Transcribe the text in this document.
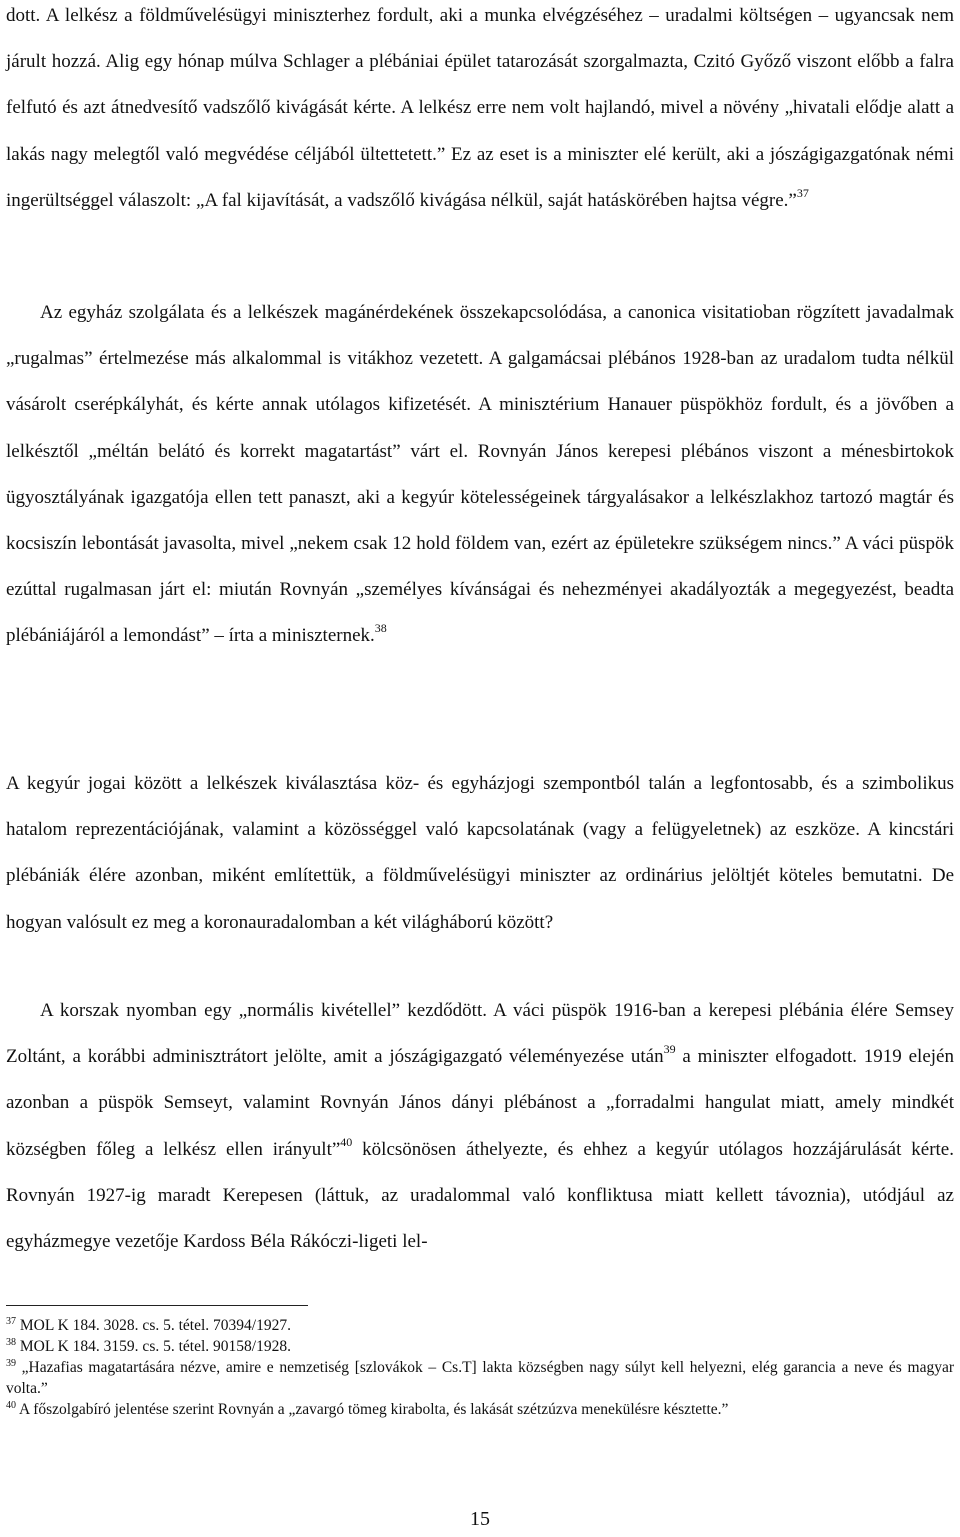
dott. A lelkész a földművelésügyi miniszterhez fordult, aki a munka elvégzéséhez – uradalmi költségen – ugyancsak nem járult hozzá. Alig egy hónap múlva Schlager a plébániai épület tatarozását szorgalmazta, Czitó Győző viszont előbb a falra felfutó és azt átnedvesítő vadszőlő kivágását kérte. A lelkész erre nem volt hajlandó, mivel a növény „hivatali elődje alatt a lakás nagy melegtől való megvédése céljából ültettetett.” Ez az eset is a miniszter elé került, aki a jószágigazgatónak némi ingerültséggel válaszolt: „A fal kijavítását, a vadszőlő kivágása nélkül, saját hatáskörében hajtsa végre.”$^{37}$

Az egyház szolgálata és a lelkészek magánérdekének összekapcsolódása, a canonica visitatioban rögzített javadalmak „rugalmas” értelmezése más alkalommal is vitákhoz vezetett. A galgamácsai plébános 1928-ban az uradalom tudta nélkül vásárolt cserépkályhát, és kérte annak utólagos kifizetését. A minisztérium Hanauer püspökhöz fordult, és a jövőben a lelkésztől „méltán belátó és korrekt magatartást” várt el. Rovnyán János kerepesi plébános viszont a ménesbirtokok ügyosztályának igazgatója ellen tett panaszt, aki a kegyúr kötelességeinek tárgyalásakor a lelkészlakhoz tartozó magtár és kocsiszín lebontását javasolta, mivel „nekem csak 12 hold földem van, ezért az épületekre szükségem nincs.” A váci püspök ezúttal rugalmasan járt el: miután Rovnyán „személyes kívánságai és nehezményei akadályozták a megegyezést, beadta plébániájáról a lemondást” – írta a miniszternek.$^{38}$

A kegyúr jogai között a lelkészek kiválasztása köz- és egyházjogi szempontból talán a legfontosabb, és a szimbolikus hatalom reprezentációjának, valamint a közösséggel való kapcsolatának (vagy a felügyeletnek) az eszköze. A kincstári plébániák élére azonban, miként említettük, a földművelésügyi miniszter az ordinárius jelöltjét köteles bemutatni. De hogyan valósult ez meg a koronauradalomban a két világháború között?

A korszak nyomban egy „normális kivétellel” kezdődött. A váci püspök 1916-ban a kerepesi plébánia élére Semsey Zoltánt, a korábbi adminisztrátort jelölte, amit a jószágigazgató véleményezése után$^{39}$ a miniszter elfogadott. 1919 elején azonban a püspök Semseyt, valamint Rovnyán János dányi plébánost a „forradalmi hangulat miatt, amely mindkét községben főleg a lelkész ellen irányult”$^{40}$ kölcsönösen áthelyezte, és ehhez a kegyúr utólagos hozzájárulását kérte. Rovnyán 1927-ig maradt Kerepesen (láttuk, az uradalommal való konfliktusa miatt kellett távoznia), utódjául az egyházmegye vezetője Kardoss Béla Rákóczi-ligeti lel-

$^{37}$ MOL K 184. 3028. cs. 5. tétel. 70394/1927.

$^{38}$ MOL K 184. 3159. cs. 5. tétel. 90158/1928.

$^{39}$ „Hazafias magatartására nézve, amire e nemzetiség [szlovákok – Cs.T] lakta községben nagy súlyt kell helyezni, elég garancia a neve és magyar volta.”

$^{40}$ A főszolgabíró jelentése szerint Rovnyán a „zavargó tömeg kirabolta, és lakását szétzúzva menekülésre késztette.”

15
